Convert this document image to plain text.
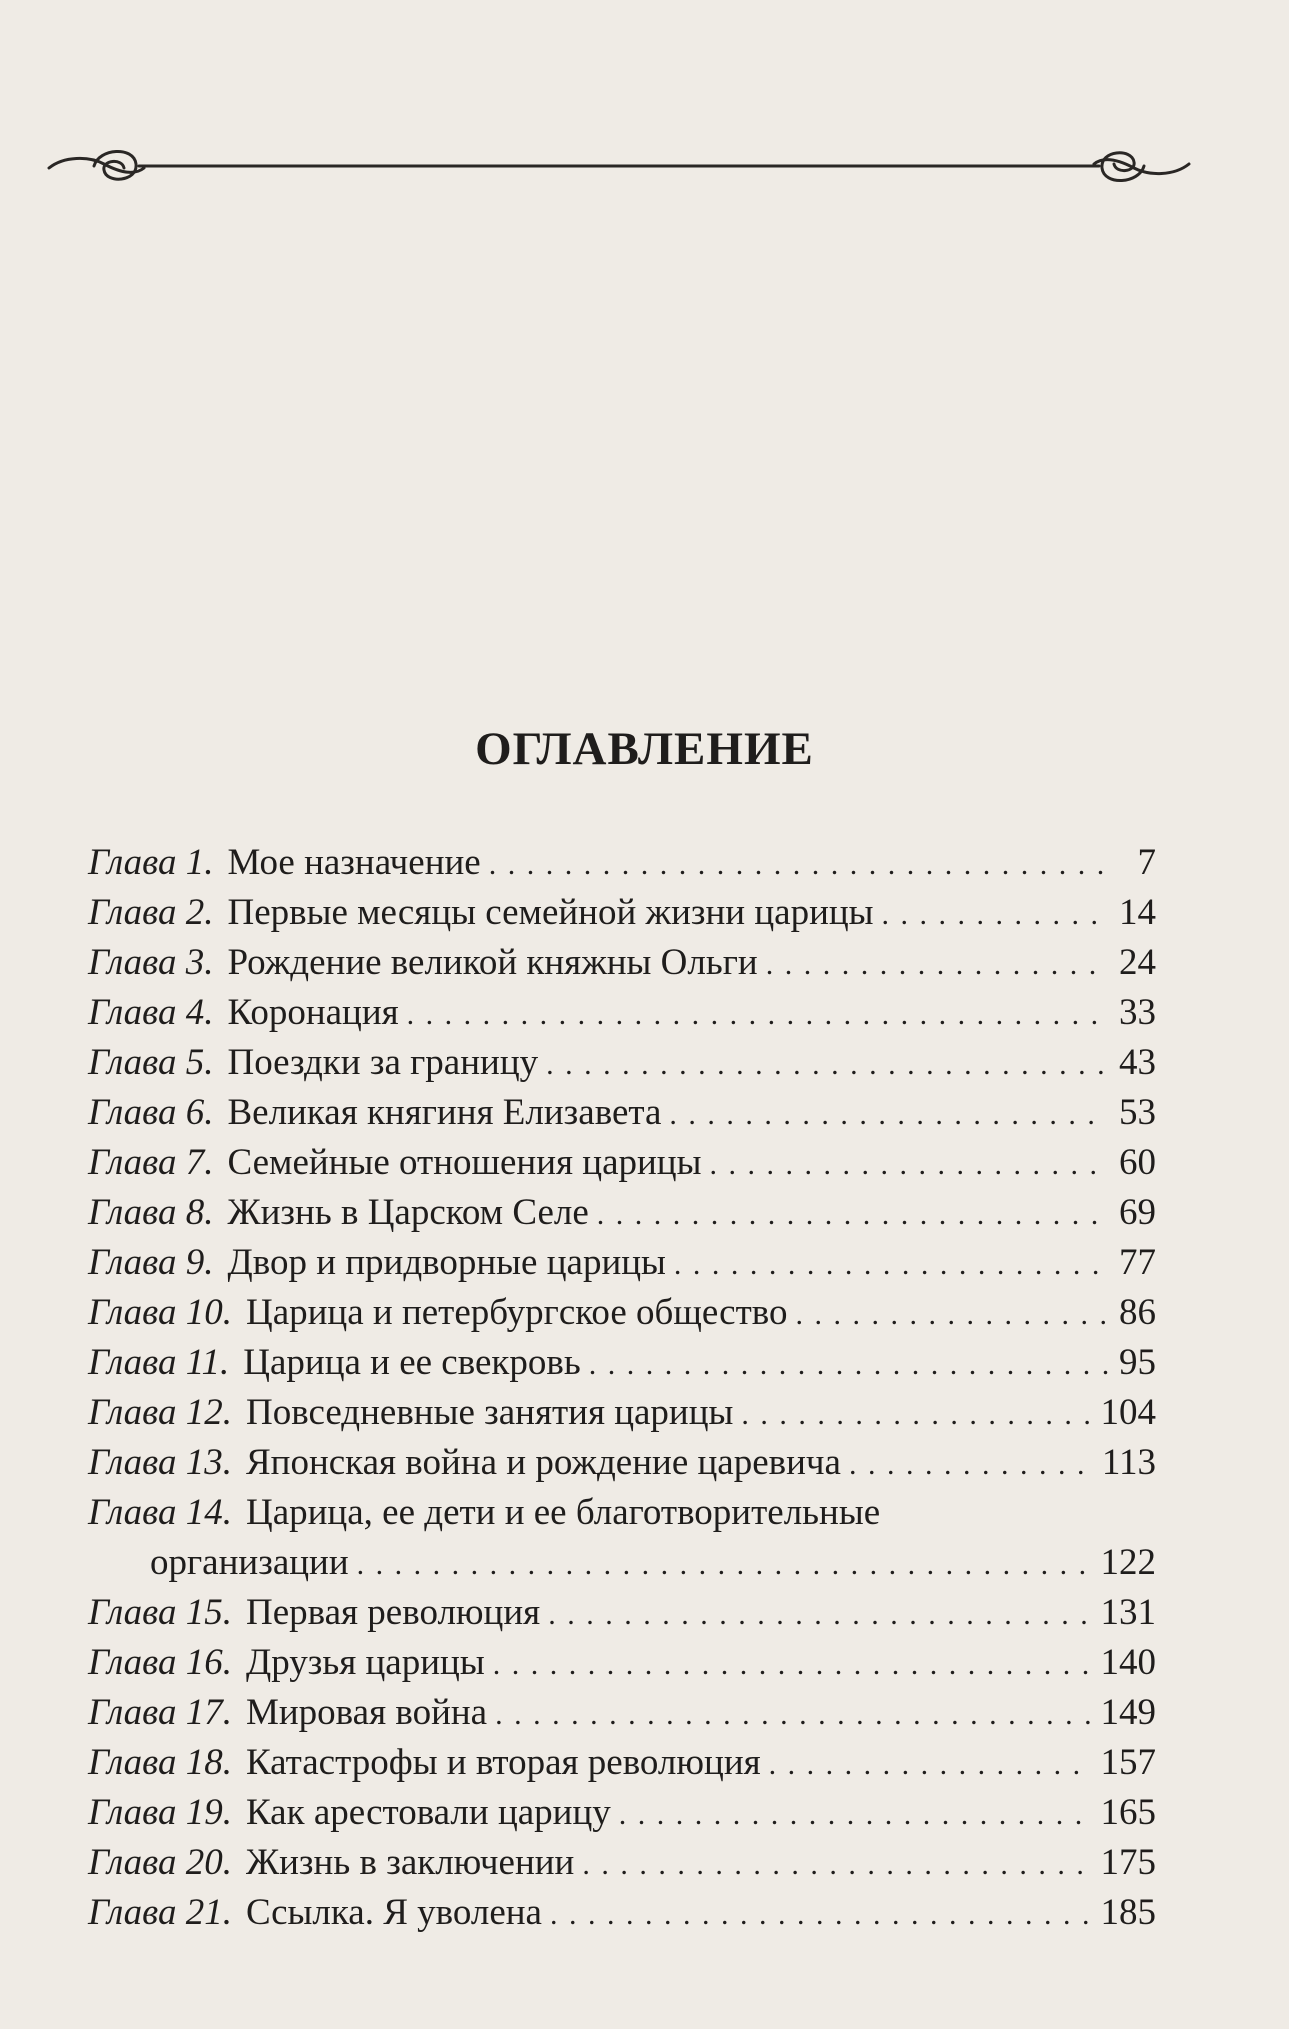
ОГЛАВЛЕНИЕ
Глава 1. Мое назначение . . .	7
Глава 2. Первые месяцы семейной жизни царицы . . .	14
Глава 3. Рождение великой княжны Ольги . . .	24
Глава 4. Коронация . . .	33
Глава 5. Поездки за границу . . .	43
Глава 6. Великая княгиня Елизавета . . .	53
Глава 7. Семейные отношения царицы . . .	60
Глава 8. Жизнь в Царском Селе . . .	69
Глава 9. Двор и придворные царицы . . .	77
Глава 10. Царица и петербургское общество . . .	86
Глава 11. Царица и ее свекровь . . .	95
Глава 12. Повседневные занятия царицы . . .	104
Глава 13. Японская война и рождение царевича . . .	113
Глава 14. Царица, ее дети и ее благотворительные
организации . . .	122
Глава 15. Первая революция . . .	131
Глава 16. Друзья царицы . . .	140
Глава 17. Мировая война . . .	149
Глава 18. Катастрофы и вторая революция . . .	157
Глава 19. Как арестовали царицу . . .	165
Глава 20. Жизнь в заключении . . .	175
Глава 21. Ссылка. Я уволена . . .	185
